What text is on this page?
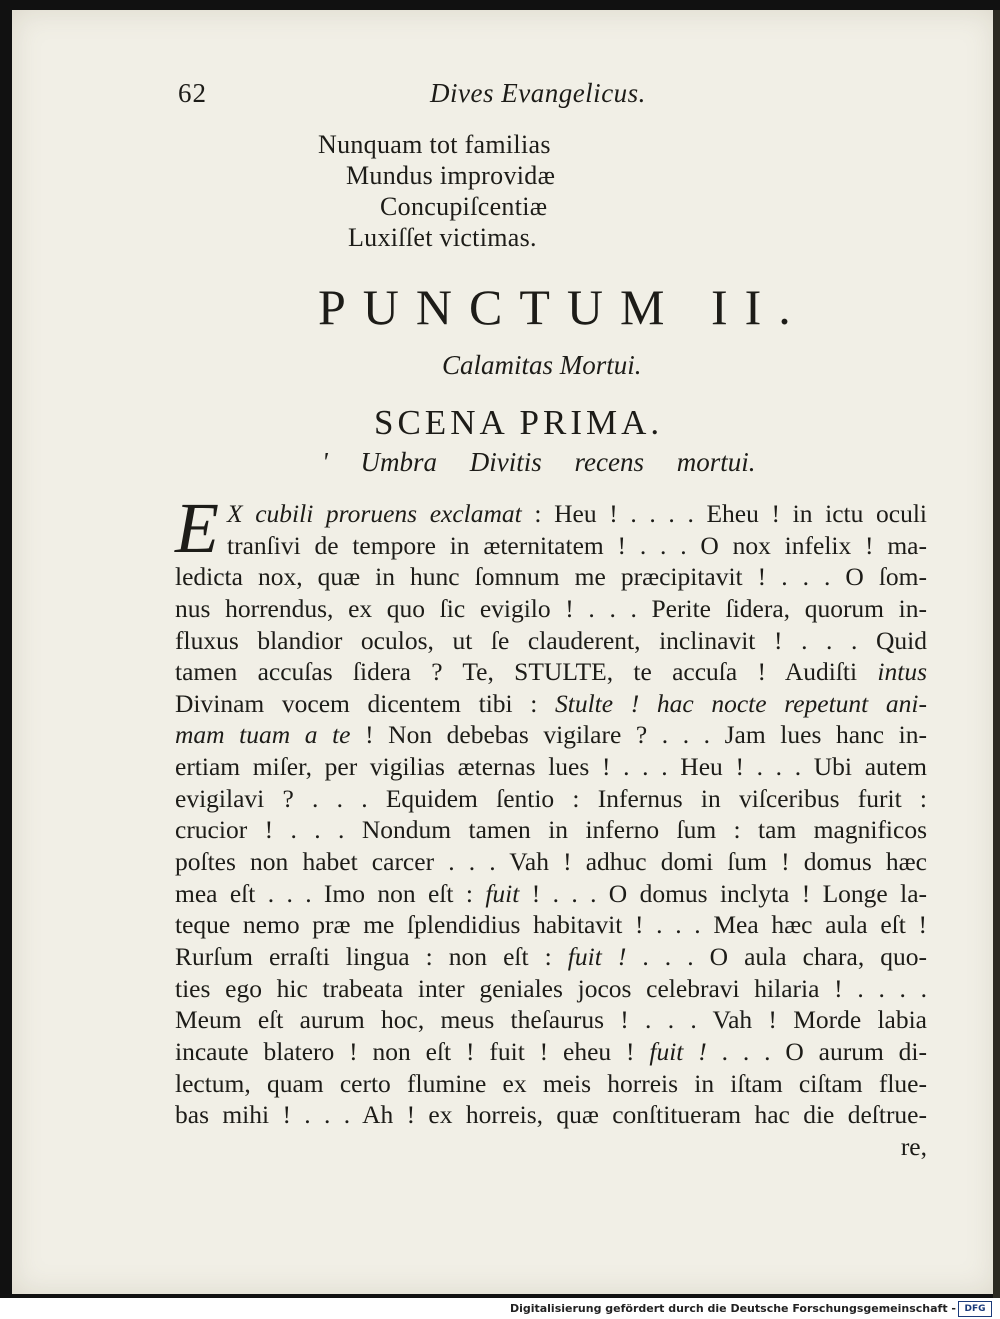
62	Dives Evangelicus.
Nunquam tot familias
Mundus improvidæ
Concupiſcentiæ
Luxiſſet victimas.
PUNCTUM II.
Calamitas Mortui.
SCENA PRIMA.
' Umbra Divitis recens mortui.
E X cubili proruens exclamat : Heu ! . . . . Eheu ! in ictu oculi
tranſivi de tempore in æternitatem ! . . . O nox infelix ! ma-
ledicta nox, quæ in hunc ſomnum me præcipitavit ! . . . O ſom-
nus horrendus, ex quo ſic evigilo ! . . . Perite ſidera, quorum in-
fluxus blandior oculos, ut ſe clauderent, inclinavit ! . . . Quid
tamen accuſas ſidera ? Te, STULTE, te accuſa ! Audiſti intus
Divinam vocem dicentem tibi : Stulte ! hac nocte repetunt ani-
mam tuam a te ! Non debebas vigilare ? . . . Jam lues hanc in-
ertiam miſer, per vigilias æternas lues ! . . . Heu ! . . . Ubi autem
evigilavi ? . . . Equidem ſentio : Infernus in viſceribus furit :
crucior ! . . . Nondum tamen in inferno ſum : tam magnificos
poſtes non habet carcer . . . Vah ! adhuc domi ſum ! domus hæc
mea eſt . . . Imo non eſt : fuit ! . . . O domus inclyta ! Longe la-
teque nemo præ me ſplendidius habitavit ! . . . Mea hæc aula eſt !
Rurſum erraſti lingua : non eſt : fuit ! . . . O aula chara, quo-
ties ego hic trabeata inter geniales jocos celebravi hilaria ! . . . .
Meum eſt aurum hoc, meus theſaurus ! . . . Vah ! Morde labia
incaute blatero ! non eſt ! fuit ! eheu ! fuit ! . . . O aurum di-
lectum, quam certo flumine ex meis horreis in iſtam ciſtam flue-
bas mihi ! . . . Ah ! ex horreis, quæ conſtitueram hac die deſtrue-
re,
Digitalisierung gefördert durch die Deutsche Forschungsgemeinschaft - DFG
